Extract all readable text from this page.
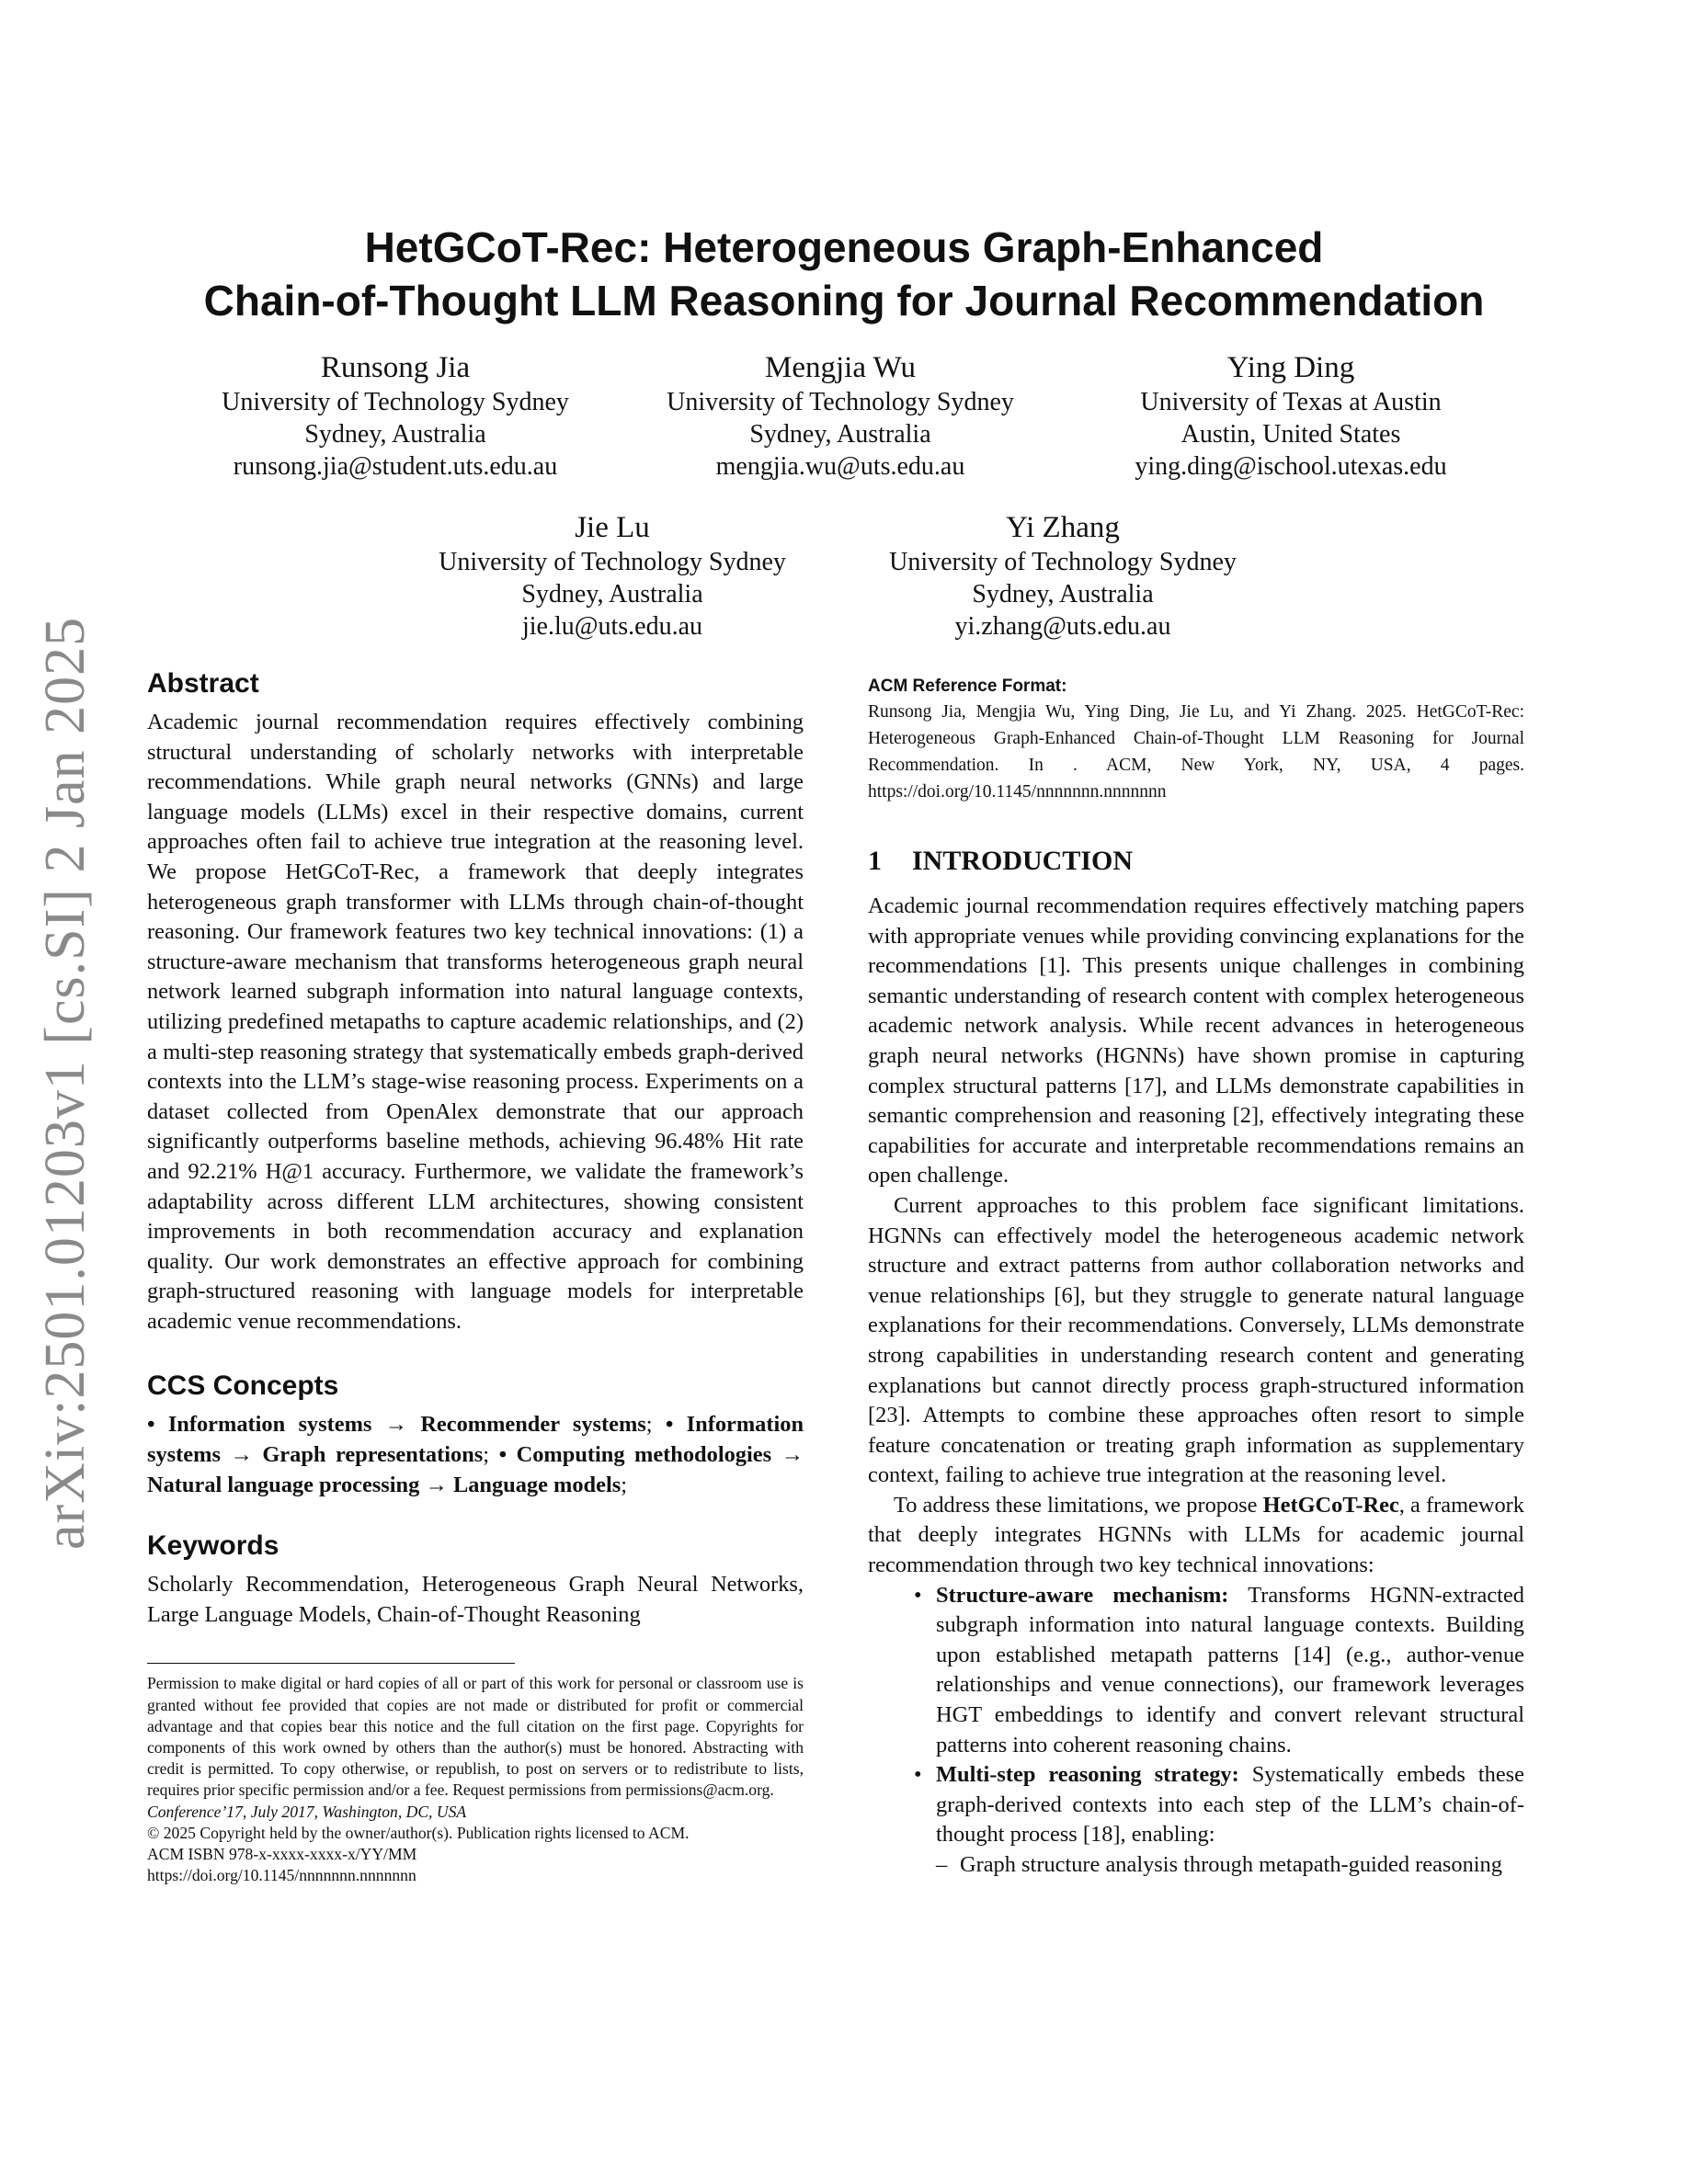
arXiv:2501.01203v1 [cs.SI] 2 Jan 2025
HetGCoT-Rec: Heterogeneous Graph-Enhanced
Chain-of-Thought LLM Reasoning for Journal Recommendation
Runsong Jia
University of Technology Sydney
Sydney, Australia
runsong.jia@student.uts.edu.au
Mengjia Wu
University of Technology Sydney
Sydney, Australia
mengjia.wu@uts.edu.au
Ying Ding
University of Texas at Austin
Austin, United States
ying.ding@ischool.utexas.edu
Jie Lu
University of Technology Sydney
Sydney, Australia
jie.lu@uts.edu.au
Yi Zhang
University of Technology Sydney
Sydney, Australia
yi.zhang@uts.edu.au
Abstract

Academic journal recommendation requires effectively combining structural understanding of scholarly networks with interpretable recommendations. While graph neural networks (GNNs) and large language models (LLMs) excel in their respective domains, current approaches often fail to achieve true integration at the reasoning level. We propose HetGCoT-Rec, a framework that deeply integrates heterogeneous graph transformer with LLMs through chain-of-thought reasoning. Our framework features two key technical innovations: (1) a structure-aware mechanism that transforms heterogeneous graph neural network learned subgraph information into natural language contexts, utilizing predefined metapaths to capture academic relationships, and (2) a multi-step reasoning strategy that systematically embeds graph-derived contexts into the LLM’s stage-wise reasoning process. Experiments on a dataset collected from OpenAlex demonstrate that our approach significantly outperforms baseline methods, achieving 96.48% Hit rate and 92.21% H@1 accuracy. Furthermore, we validate the framework’s adaptability across different LLM architectures, showing consistent improvements in both recommendation accuracy and explanation quality. Our work demonstrates an effective approach for combining graph-structured reasoning with language models for interpretable academic venue recommendations.

CCS Concepts

• Information systems → Recommender systems; • Information systems → Graph representations; • Computing methodologies → Natural language processing → Language models;

Keywords

Scholarly Recommendation, Heterogeneous Graph Neural Networks, Large Language Models, Chain-of-Thought Reasoning

Permission to make digital or hard copies of all or part of this work for personal or classroom use is granted without fee provided that copies are not made or distributed for profit or commercial advantage and that copies bear this notice and the full citation on the first page. Copyrights for components of this work owned by others than the author(s) must be honored. Abstracting with credit is permitted. To copy otherwise, or republish, to post on servers or to redistribute to lists, requires prior specific permission and/or a fee. Request permissions from permissions@acm.org.

Conference’17, July 2017, Washington, DC, USA
© 2025 Copyright held by the owner/author(s). Publication rights licensed to ACM.
ACM ISBN 978-x-xxxx-xxxx-x/YY/MM
https://doi.org/10.1145/nnnnnnn.nnnnnnn
ACM Reference Format:

Runsong Jia, Mengjia Wu, Ying Ding, Jie Lu, and Yi Zhang. 2025. HetGCoT-Rec: Heterogeneous Graph-Enhanced Chain-of-Thought LLM Reasoning for Journal Recommendation. In . ACM, New York, NY, USA, 4 pages. https://doi.org/10.1145/nnnnnnn.nnnnnnn

1 INTRODUCTION

Academic journal recommendation requires effectively matching papers with appropriate venues while providing convincing explanations for the recommendations [1]. This presents unique challenges in combining semantic understanding of research content with complex heterogeneous academic network analysis. While recent advances in heterogeneous graph neural networks (HGNNs) have shown promise in capturing complex structural patterns [17], and LLMs demonstrate capabilities in semantic comprehension and reasoning [2], effectively integrating these capabilities for accurate and interpretable recommendations remains an open challenge.

Current approaches to this problem face significant limitations. HGNNs can effectively model the heterogeneous academic network structure and extract patterns from author collaboration networks and venue relationships [6], but they struggle to generate natural language explanations for their recommendations. Conversely, LLMs demonstrate strong capabilities in understanding research content and generating explanations but cannot directly process graph-structured information [23]. Attempts to combine these approaches often resort to simple feature concatenation or treating graph information as supplementary context, failing to achieve true integration at the reasoning level.

To address these limitations, we propose HetGCoT-Rec, a framework that deeply integrates HGNNs with LLMs for academic journal recommendation through two key technical innovations:

• Structure-aware mechanism: Transforms HGNN-extracted subgraph information into natural language contexts. Building upon established metapath patterns [14] (e.g., author-venue relationships and venue connections), our framework leverages HGT embeddings to identify and convert relevant structural patterns into coherent reasoning chains.
• Multi-step reasoning strategy: Systematically embeds these graph-derived contexts into each step of the LLM’s chain-of-thought process [18], enabling:
– Graph structure analysis through metapath-guided reasoning
